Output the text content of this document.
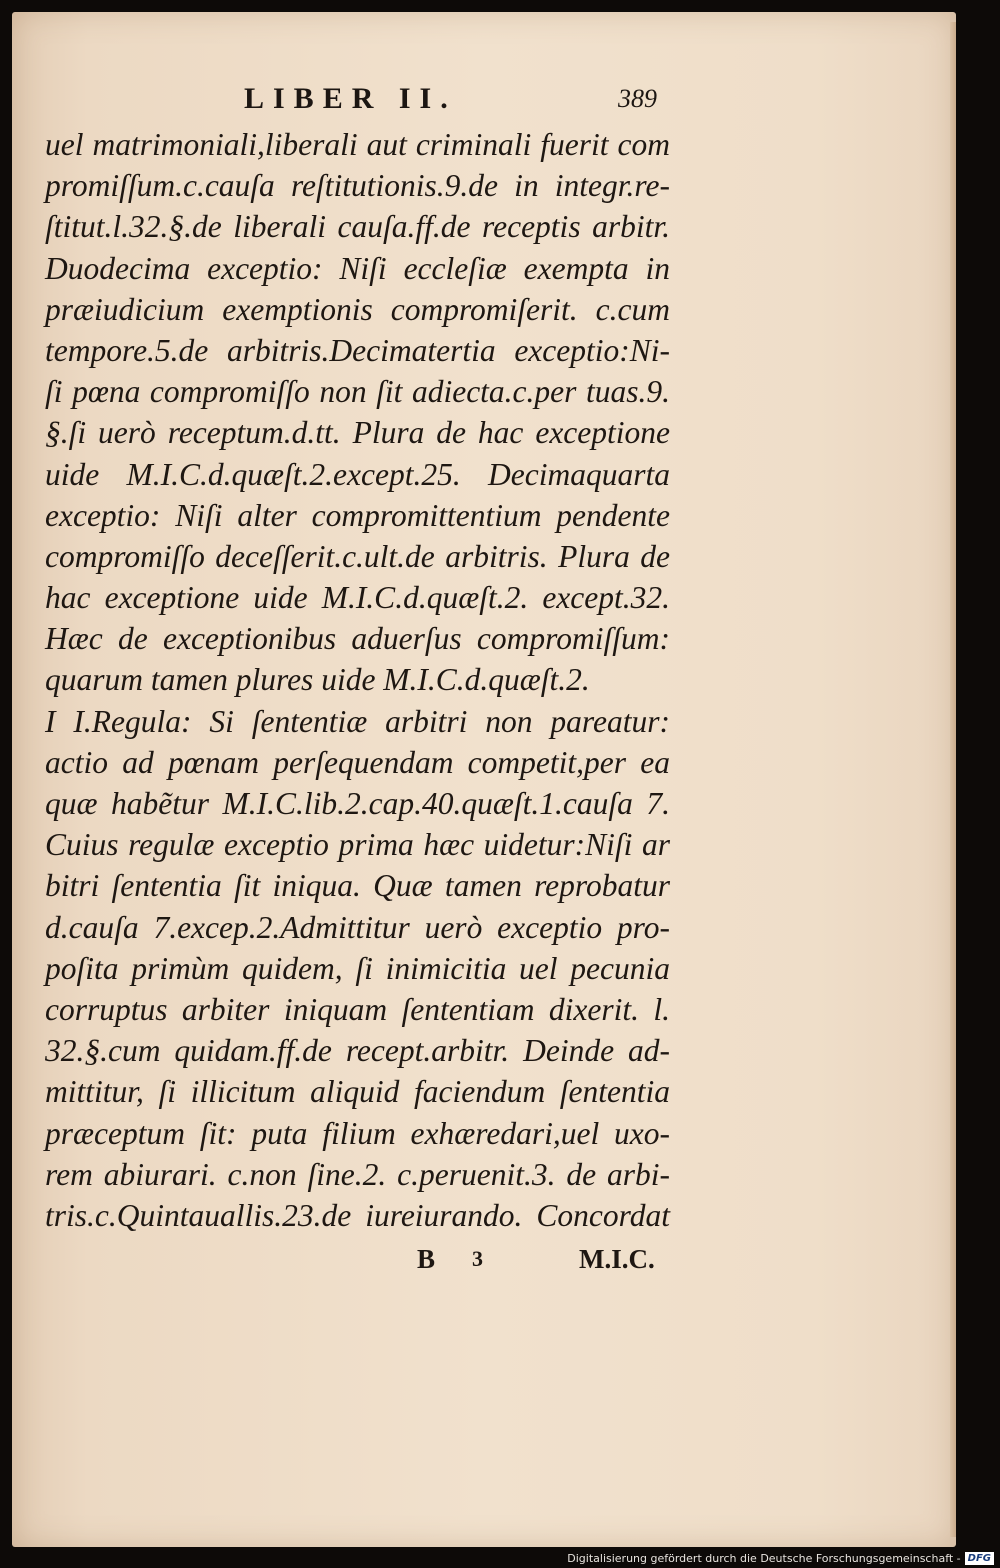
LIBER II.	389
uel matrimoniali,liberali aut criminali fuerit com
promiſſum.c.cauſa reſtitutionis.9.de in integr.re-
ſtitut.l.32.§.de liberali cauſa.ff.de receptis arbitr.
Duodecima exceptio: Niſi eccleſiæ exempta in
præiudicium exemptionis compromiſerit. c.cum
tempore.5.de arbitris.Decimatertia exceptio:Ni-
ſi pœna compromiſſo non ſit adiecta.c.per tuas.9.
§.ſi uerò receptum.d.tt. Plura de hac exceptione
uide M.I.C.d.quæſt.2.except.25. Decimaquarta
exceptio: Niſi alter compromittentium pendente
compromiſſo deceſſerit.c.ult.de arbitris. Plura de
hac exceptione uide M.I.C.d.quæſt.2. except.32.
Hæc de exceptionibus aduerſus compromiſſum:
quarum tamen plures uide M.I.C.d.quæſt.2.
I I.Regula: Si ſententiæ arbitri non pareatur:
actio ad pœnam perſequendam competit,per ea
quæ habẽtur M.I.C.lib.2.cap.40.quæſt.1.cauſa 7.
Cuius regulæ exceptio prima hæc uidetur:Niſi ar
bitri ſententia ſit iniqua. Quæ tamen reprobatur
d.cauſa 7.excep.2.Admittitur uerò exceptio pro-
poſita primùm quidem, ſi inimicitia uel pecunia
corruptus arbiter iniquam ſententiam dixerit. l.
32.§.cum quidam.ff.de recept.arbitr. Deinde ad-
mittitur, ſi illicitum aliquid faciendum ſententia
præceptum ſit: puta filium exhæredari,uel uxo-
rem abiurari. c.non ſine.2. c.peruenit.3. de arbi-
tris.c.Quintauallis.23.de iureiurando. Concordat
B 3	M.I.C.
Digitalisierung gefördert durch die Deutsche Forschungsgemeinschaft - DFG
